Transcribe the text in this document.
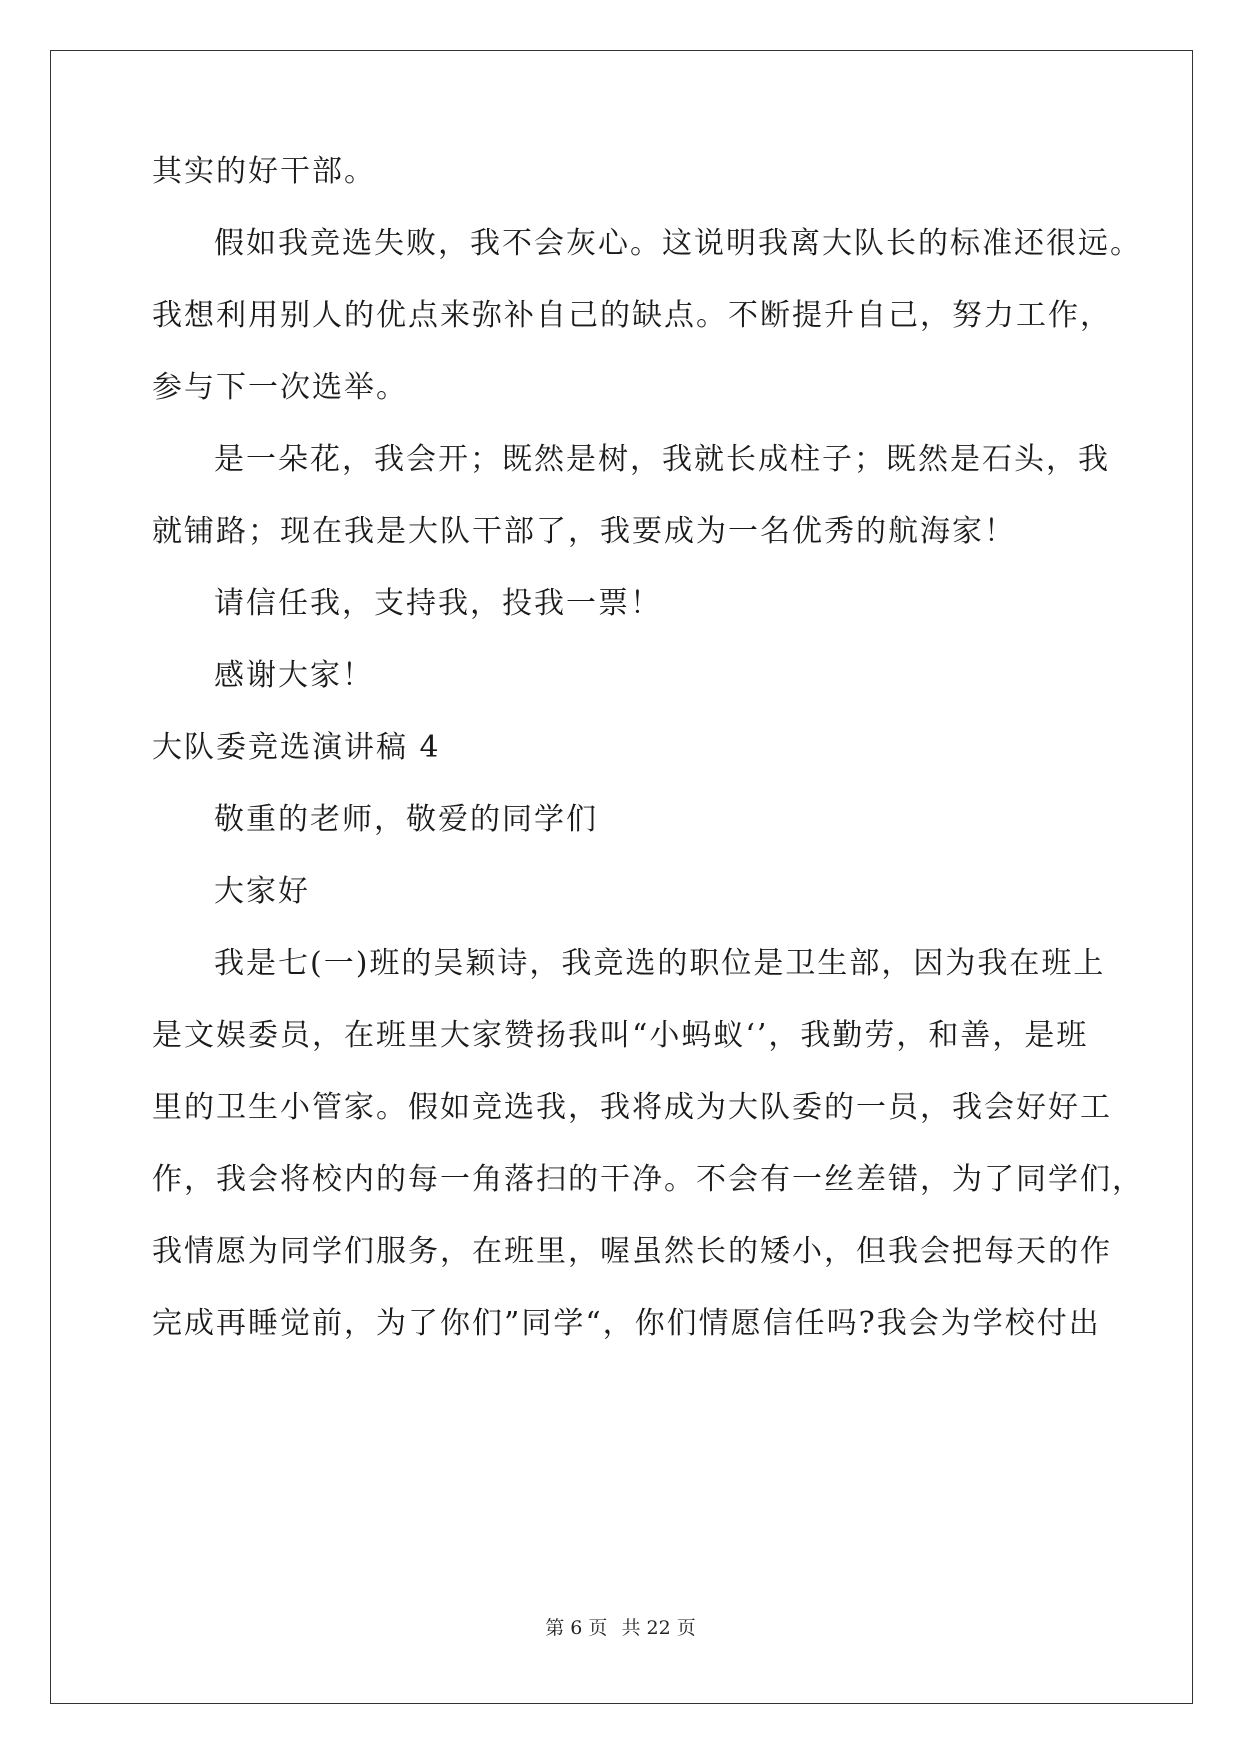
其实的好干部。
假如我竞选失败，我不会灰心。这说明我离大队长的标准还很远。
我想利用别人的优点来弥补自己的缺点。不断提升自己，努力工作，
参与下一次选举。
是一朵花，我会开；既然是树，我就长成柱子；既然是石头，我
就铺路；现在我是大队干部了，我要成为一名优秀的航海家！
请信任我，支持我，投我一票！
感谢大家！
大队委竞选演讲稿 4
敬重的老师，敬爱的同学们
大家好
我是七(一)班的吴颖诗，我竞选的职位是卫生部，因为我在班上
是文娱委员，在班里大家赞扬我叫“小蚂蚁‘’，我勤劳，和善，是班
里的卫生小管家。假如竞选我，我将成为大队委的一员，我会好好工
作，我会将校内的每一角落扫的干净。不会有一丝差错，为了同学们，
我情愿为同学们服务，在班里，喔虽然长的矮小，但我会把每天的作
完成再睡觉前，为了你们”同学“，你们情愿信任吗?我会为学校付出
第 6 页 共 22 页
